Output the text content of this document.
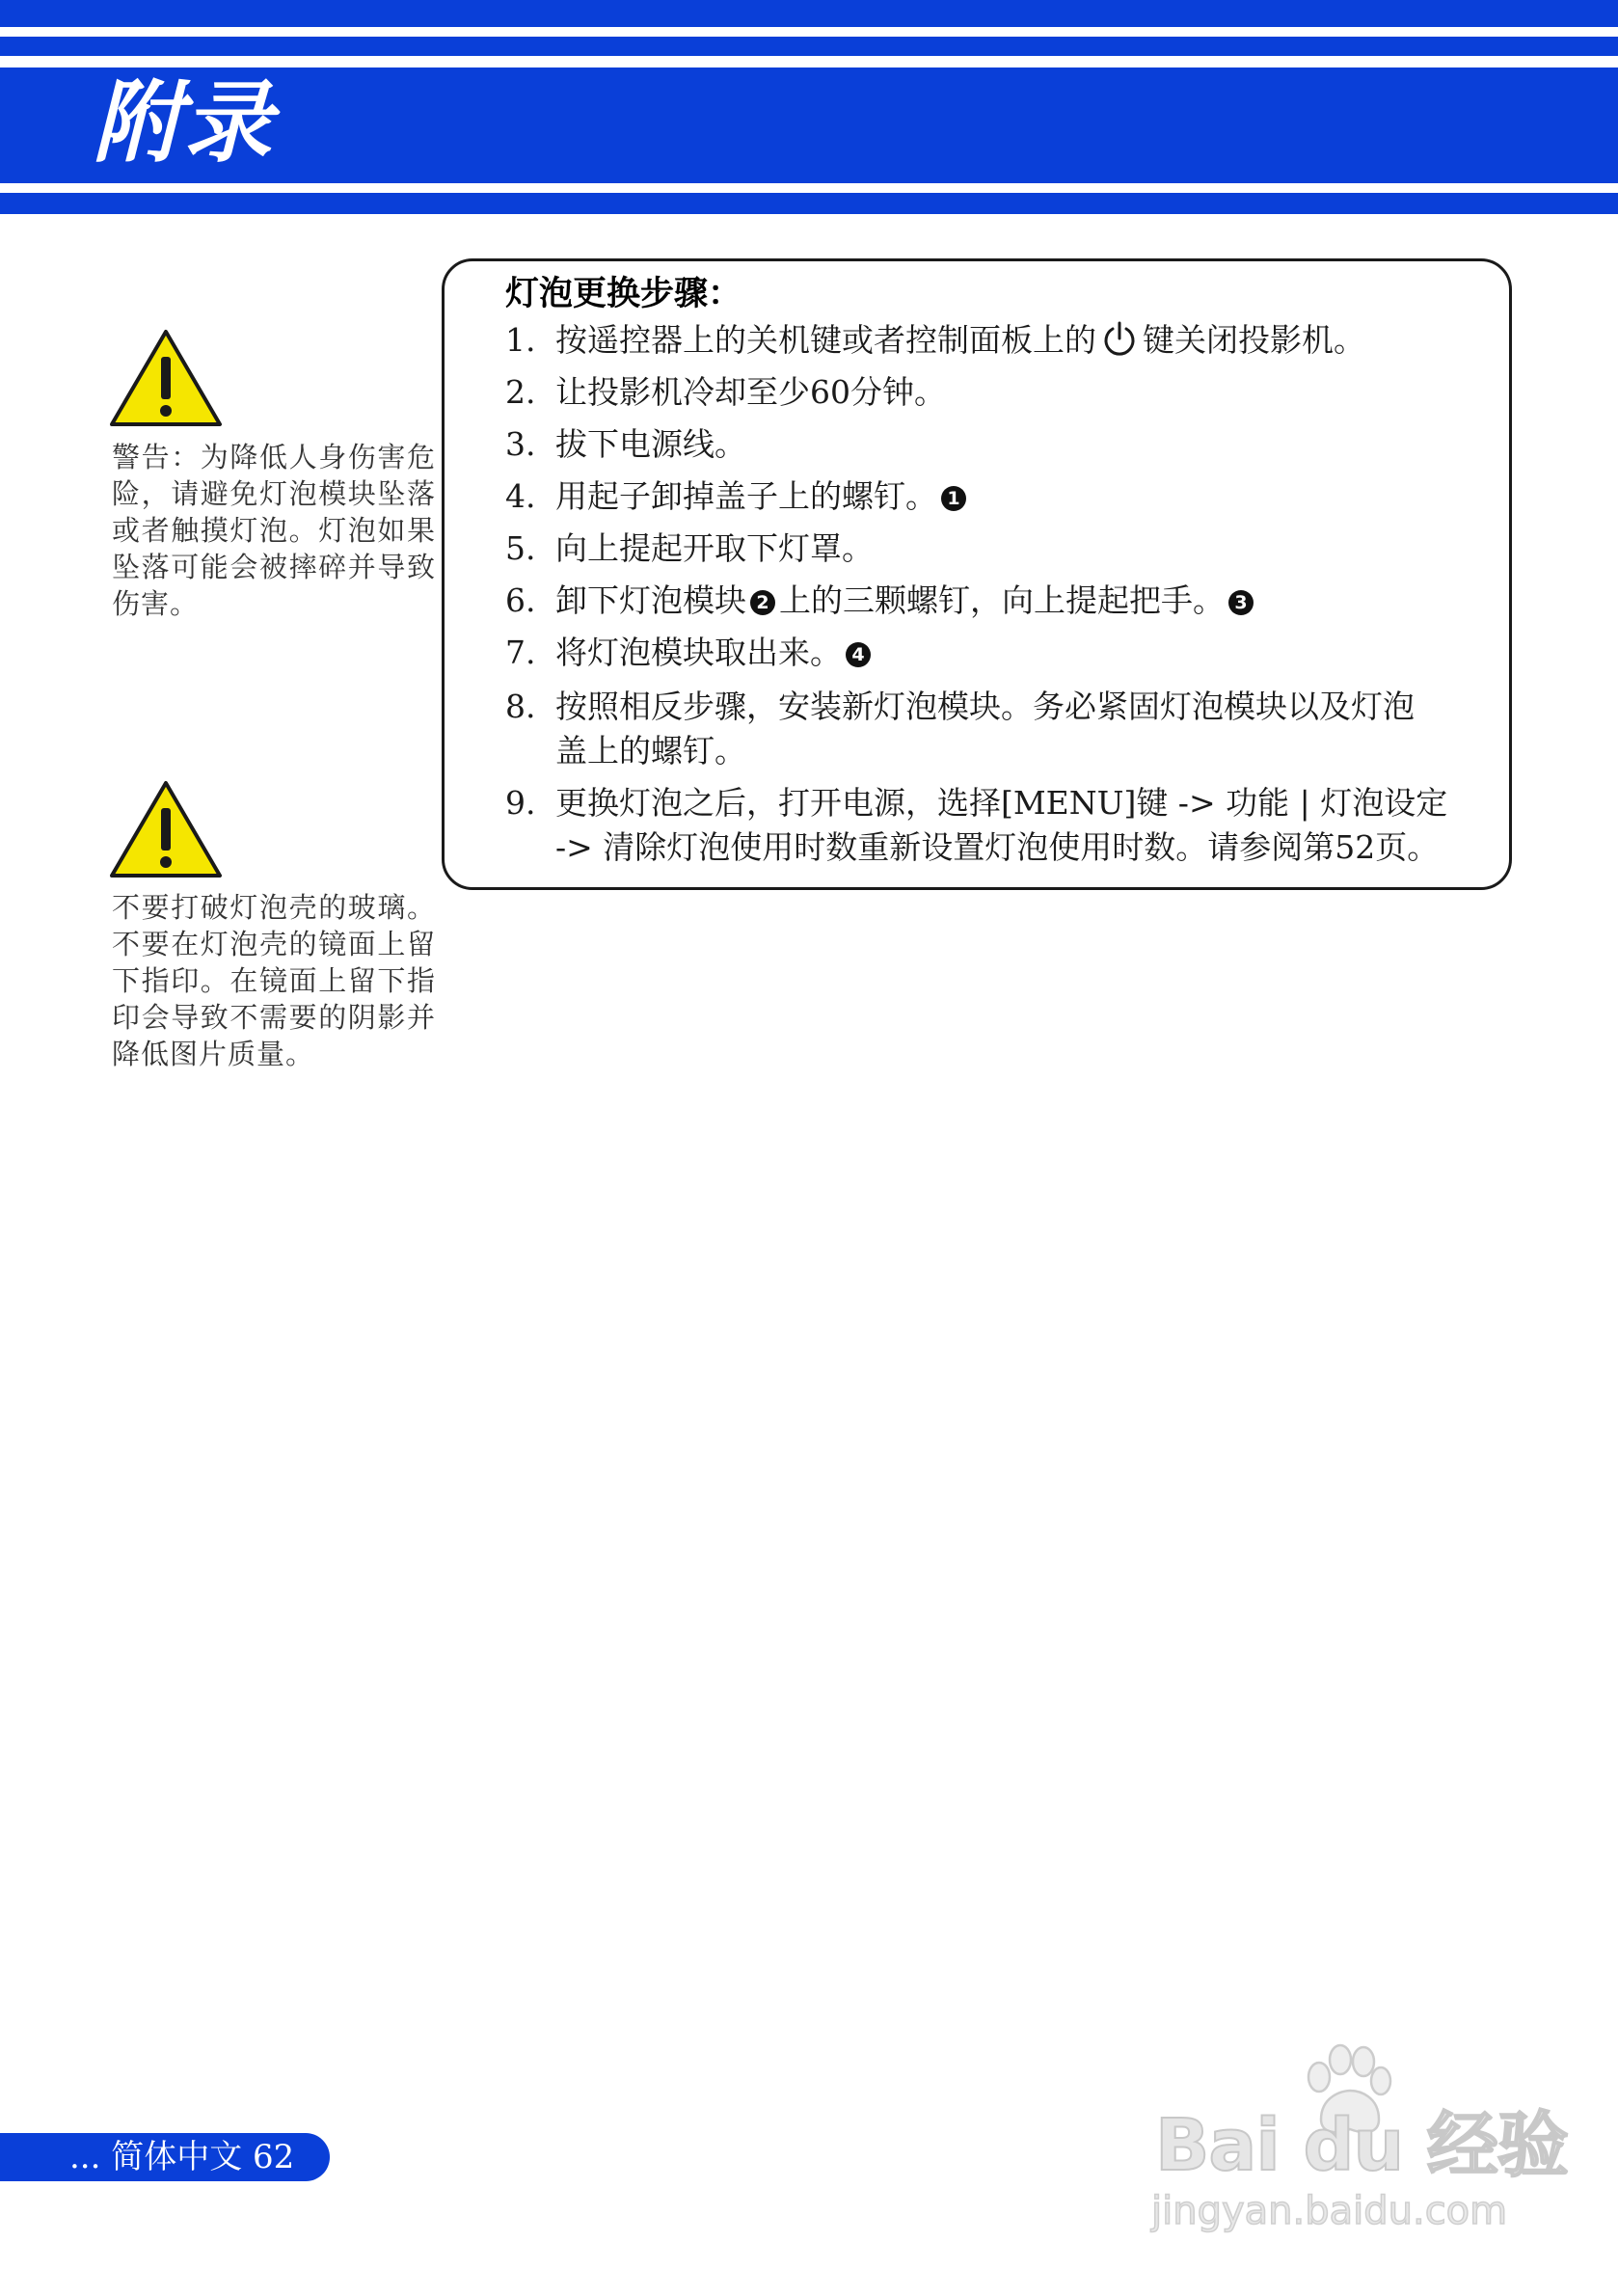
附录
警告：为降低人身伤害危险，请避免灯泡模块坠落或者触摸灯泡。灯泡如果坠落可能会被摔碎并导致伤害。
不要打破灯泡壳的玻璃。不要在灯泡壳的镜面上留下指印。在镜面上留下指印会导致不需要的阴影并降低图片质量。
灯泡更换步骤：
1. 按遥控器上的关机键或者控制面板上的 键关闭投影机。
2. 让投影机冷却至少60分钟。
3. 拔下电源线。
4. 用起子卸掉盖子上的螺钉。 1
5. 向上提起开取下灯罩。
6. 卸下灯泡模块 2 上的三颗螺钉，向上提起把手。 3
7. 将灯泡模块取出来。 4
8. 按照相反步骤，安装新灯泡模块。务必紧固灯泡模块以及灯泡
盖上的螺钉。
9. 更换灯泡之后，打开电源，选择[MENU]键 -> 功能 | 灯泡设定
-> 清除灯泡使用时数重新设置灯泡使用时数。请参阅第52页。
... 简体中文 62	Bai du 经验
jingyan.baidu.com
